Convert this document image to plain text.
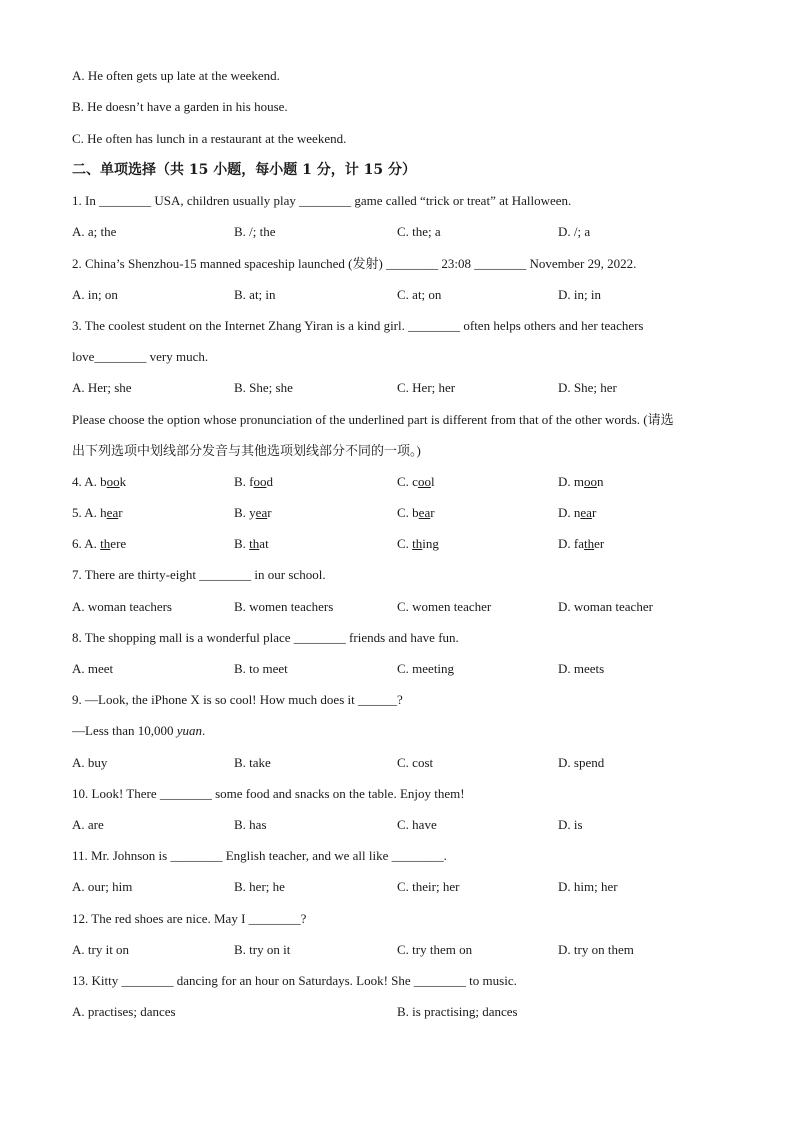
A. He often gets up late at the weekend.
B. He doesn’t have a garden in his house.
C. He often has lunch in a restaurant at the weekend.
二、单项选择（共 15 小题，每小题 1 分，计 15 分）
1. In ________ USA, children usually play ________ game called “trick or treat” at Halloween.
A. a; the	B. /; the	C. the; a	D. /; a
2. China’s Shenzhou-15 manned spaceship launched (发射) ________ 23:08 ________ November 29, 2022.
A. in; on	B. at; in	C. at; on	D. in; in
3. The coolest student on the Internet Zhang Yiran is a kind girl. ________ often helps others and her teachers
love________ very much.
A. Her; she	B. She; she	C. Her; her	D. She; her
Please choose the option whose pronunciation of the underlined part is different from that of the other words. (请选
出下列选项中划线部分发音与其他选项划线部分不同的一项。)
4. A. book	B. food	C. cool	D. moon
5. A. hear	B. year	C. bear	D. near
6. A. there	B. that	C. thing	D. father
7. There are thirty-eight ________ in our school.
A. woman teachers	B. women teachers	C. women teacher	D. woman teacher
8. The shopping mall is a wonderful place ________ friends and have fun.
A. meet	B. to meet	C. meeting	D. meets
9. —Look, the iPhone X is so cool! How much does it ______?
—Less than 10,000 yuan.
A. buy	B. take	C. cost	D. spend
10. Look! There ________ some food and snacks on the table. Enjoy them!
A. are	B. has	C. have	D. is
11. Mr. Johnson is ________ English teacher, and we all like ________.
A. our; him	B. her; he	C. their; her	D. him; her
12. The red shoes are nice. May I ________?
A. try it on	B. try on it	C. try them on	D. try on them
13. Kitty ________ dancing for an hour on Saturdays. Look! She ________ to music.
A. practises; dances	B. is practising; dances
